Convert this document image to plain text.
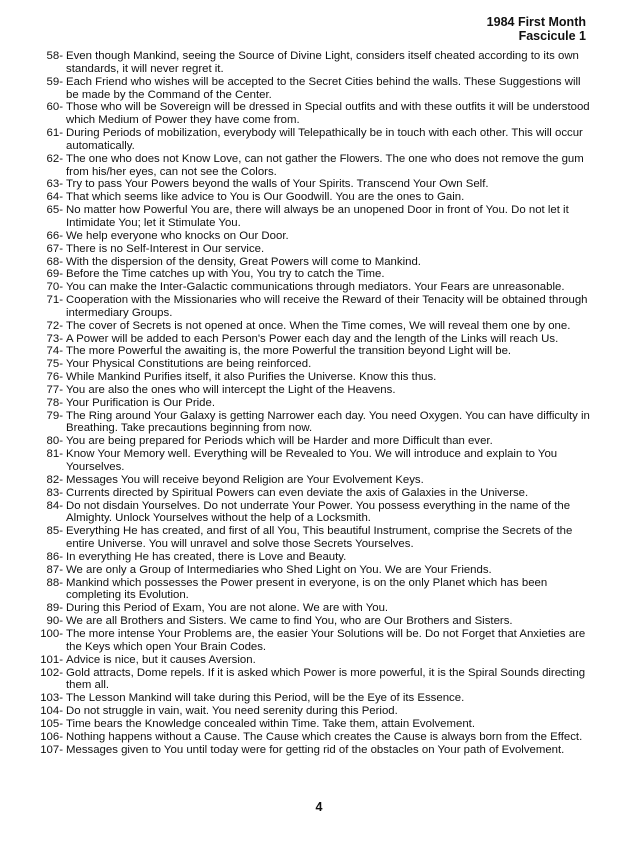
1984 First Month
Fascicule 1
58- Even though Mankind, seeing the Source of Divine Light, considers itself cheated according to its own standards, it will never regret it.
59- Each Friend who wishes will be accepted to the Secret Cities behind the walls. These Suggestions will be made by the Command of the Center.
60- Those who will be Sovereign will be dressed in Special outfits and with these outfits it will be understood which Medium of Power they have come from.
61- During Periods of mobilization, everybody will Telepathically be in touch with each other. This will occur automatically.
62- The one who does not Know Love, can not gather the Flowers. The one who does not remove the gum from his/her eyes, can not see the Colors.
63- Try to pass Your Powers beyond the walls of Your Spirits. Transcend Your Own Self.
64- That which seems like advice to You is Our Goodwill. You are the ones to Gain.
65- No matter how Powerful You are, there will always be an unopened Door in front of You. Do not let it Intimidate You; let it Stimulate You.
66- We help everyone who knocks on Our Door.
67- There is no Self-Interest in Our service.
68- With the dispersion of the density, Great Powers will come to Mankind.
69- Before the Time catches up with You, You try to catch the Time.
70- You can make the Inter-Galactic communications through mediators. Your Fears are unreasonable.
71- Cooperation with the Missionaries who will receive the Reward of their Tenacity will be obtained through intermediary Groups.
72- The cover of Secrets is not opened at once. When the Time comes, We will reveal them one by one.
73- A Power will be added to each Person's Power each day and the length of the Links will reach Us.
74- The more Powerful the awaiting is, the more Powerful the transition beyond Light will be.
75- Your Physical Constitutions are being reinforced.
76- While Mankind Purifies itself, it also Purifies the Universe. Know this thus.
77- You are also the ones who will intercept the Light of the Heavens.
78- Your Purification is Our Pride.
79- The Ring around Your Galaxy is getting Narrower each day. You need Oxygen. You can have difficulty in Breathing. Take precautions beginning from now.
80- You are being prepared for Periods which will be Harder and more Difficult than ever.
81- Know Your Memory well. Everything will be Revealed to You. We will introduce and explain to You Yourselves.
82- Messages You will receive beyond Religion are Your Evolvement Keys.
83- Currents directed by Spiritual Powers can even deviate the axis of Galaxies in the Universe.
84- Do not disdain Yourselves. Do not underrate Your Power. You possess everything in the name of the Almighty. Unlock Yourselves without the help of a Locksmith.
85- Everything He has created, and first of all You, This beautiful Instrument, comprise the Secrets of the entire Universe. You will unravel and solve those Secrets Yourselves.
86- In everything He has created, there is Love and Beauty.
87- We are only a Group of Intermediaries who Shed Light on You. We are Your Friends.
88- Mankind which possesses the Power present in everyone, is on the only Planet which has been completing its Evolution.
89- During this Period of Exam, You are not alone. We are with You.
90- We are all Brothers and Sisters. We came to find You, who are Our Brothers and Sisters.
100- The more intense Your Problems are, the easier Your Solutions will be. Do not Forget that Anxieties are the Keys which open Your Brain Codes.
101- Advice is nice, but it causes Aversion.
102- Gold attracts, Dome repels. If it is asked which Power is more powerful, it is the Spiral Sounds directing them all.
103- The Lesson Mankind will take during this Period, will be the Eye of its Essence.
104- Do not struggle in vain, wait. You need serenity during this Period.
105- Time bears the Knowledge concealed within Time. Take them, attain Evolvement.
106- Nothing happens without a Cause. The Cause which creates the Cause is always born from the Effect.
107- Messages given to You until today were for getting rid of the obstacles on Your path of Evolvement.
4
